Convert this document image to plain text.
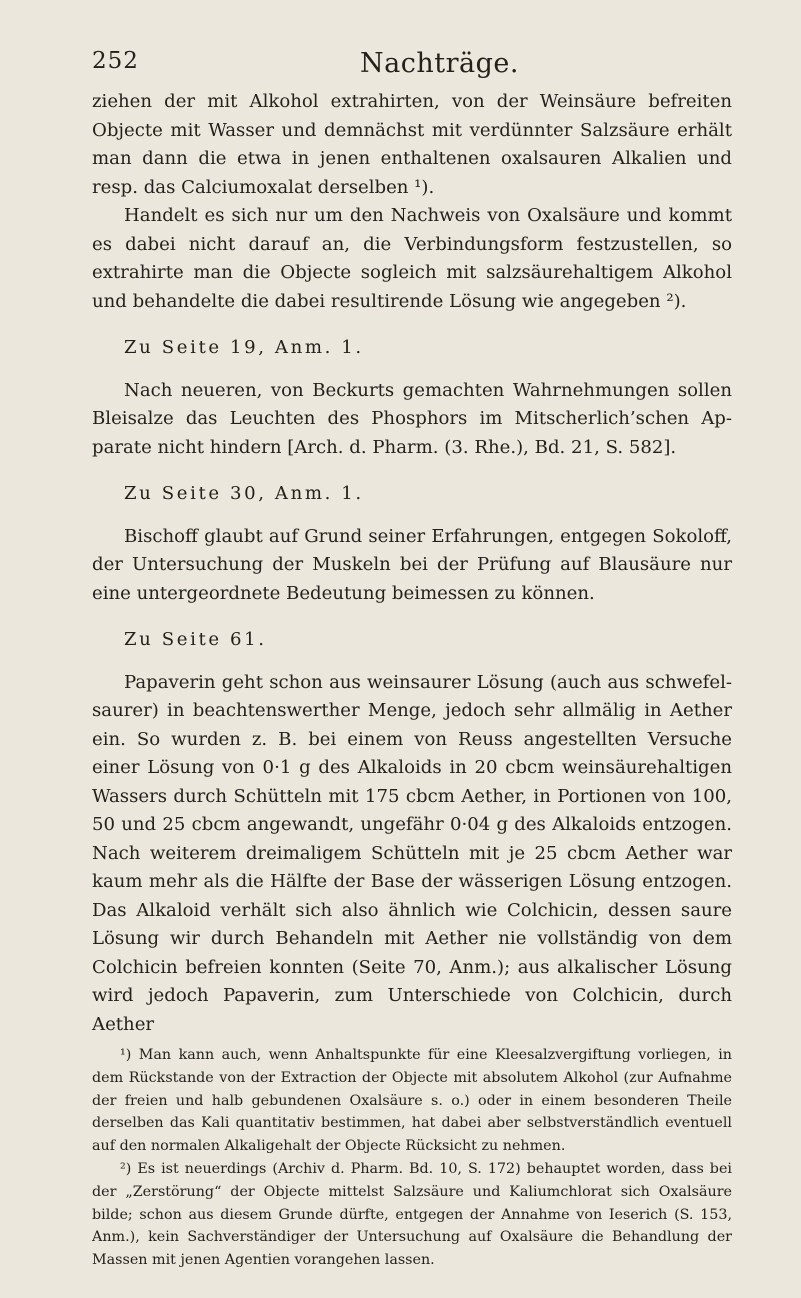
252	Nachträge.

ziehen der mit Alkohol extrahirten, von der Weinsäure befreiten Objecte mit Wasser und demnächst mit verdünnter Salzsäure erhält man dann die etwa in jenen enthaltenen oxalsauren Alkalien und resp. das Calciumoxalat derselben ¹).

Handelt es sich nur um den Nachweis von Oxalsäure und kommt es dabei nicht darauf an, die Verbindungsform festzustellen, so extrahirte man die Objecte sogleich mit salzsäurehaltigem Alkohol und behandelte die dabei resultirende Lösung wie angegeben ²).

Zu Seite 19, Anm. 1.

Nach neueren, von Beckurts gemachten Wahrnehmungen sollen Bleisalze das Leuchten des Phosphors im Mitscherlich’schen Apparate nicht hindern [Arch. d. Pharm. (3. Rhe.), Bd. 21, S. 582].

Zu Seite 30, Anm. 1.

Bischoff glaubt auf Grund seiner Erfahrungen, entgegen Sokoloff, der Untersuchung der Muskeln bei der Prüfung auf Blausäure nur eine untergeordnete Bedeutung beimessen zu können.

Zu Seite 61.

Papaverin geht schon aus weinsaurer Lösung (auch aus schwefelsaurer) in beachtenswerther Menge, jedoch sehr allmälig in Aether ein. So wurden z. B. bei einem von Reuss angestellten Versuche einer Lösung von 0·1 g des Alkaloids in 20 cbcm weinsäurehaltigen Wassers durch Schütteln mit 175 cbcm Aether, in Portionen von 100, 50 und 25 cbcm angewandt, ungefähr 0·04 g des Alkaloids entzogen. Nach weiterem dreimaligem Schütteln mit je 25 cbcm Aether war kaum mehr als die Hälfte der Base der wässerigen Lösung entzogen. Das Alkaloid verhält sich also ähnlich wie Colchicin, dessen saure Lösung wir durch Behandeln mit Aether nie vollständig von dem Colchicin befreien konnten (Seite 70, Anm.); aus alkalischer Lösung wird jedoch Papaverin, zum Unterschiede von Colchicin, durch Aether

¹) Man kann auch, wenn Anhaltspunkte für eine Kleesalzvergiftung vorliegen, in dem Rückstande von der Extraction der Objecte mit absolutem Alkohol (zur Aufnahme der freien und halb gebundenen Oxalsäure s. o.) oder in einem besonderen Theile derselben das Kali quantitativ bestimmen, hat dabei aber selbstverständlich eventuell auf den normalen Alkaligehalt der Objecte Rücksicht zu nehmen.

²) Es ist neuerdings (Archiv d. Pharm. Bd. 10, S. 172) behauptet worden, dass bei der „Zerstörung“ der Objecte mittelst Salzsäure und Kaliumchlorat sich Oxalsäure bilde; schon aus diesem Grunde dürfte, entgegen der Annahme von Ieserich (S. 153, Anm.), kein Sachverständiger der Untersuchung auf Oxalsäure die Behandlung der Massen mit jenen Agentien vorangehen lassen.
